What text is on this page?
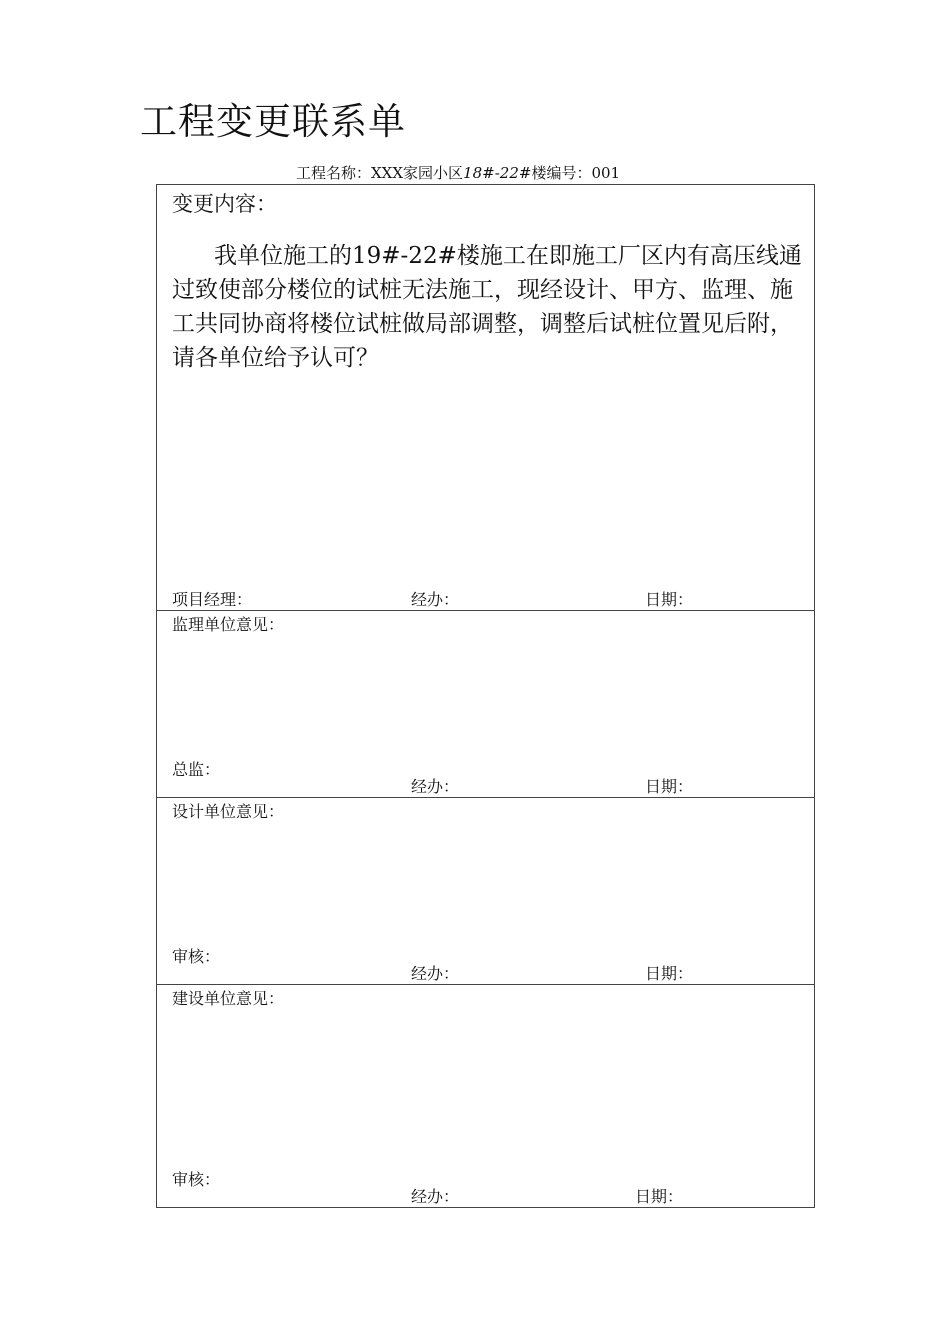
工程变更联系单
工程名称：XXX家园小区18#-22#楼编号：001
变更内容：
我单位施工的19#-22#楼施工在即施工厂区内有高压线通过致使部分楼位的试桩无法施工，现经设计、甲方、监理、施工共同协商将楼位试桩做局部调整，调整后试桩位置见后附，请各单位给予认可？
项目经理：	经办：	日期：
监理单位意见：
总监：
经办：	日期：
设计单位意见：
审核：
经办：	日期：
建设单位意见：
审核：
经办：	日期：
